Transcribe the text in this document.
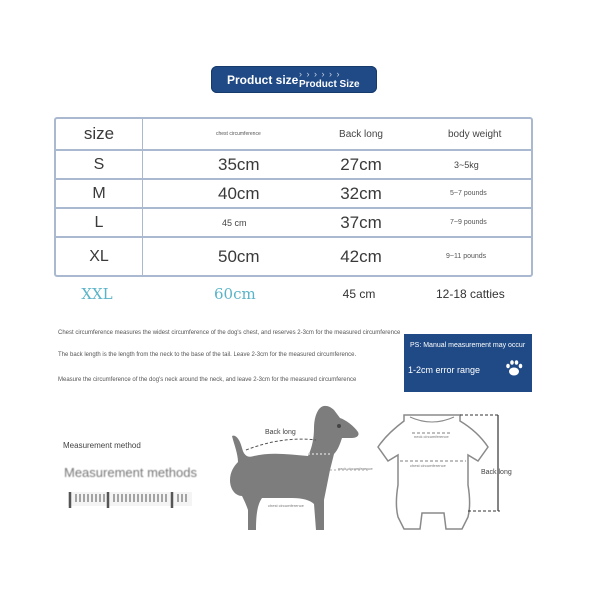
Product size › › › › › ›
Product Size
size	chest circumference	Back long	body weight
S	35cm	27cm	3~5kg
M	40cm	32cm	5~7 pounds
L	45 cm	37cm	7~9 pounds
XL	50cm	42cm	9~11 pounds
XXL	60cm	45 cm	12-18 catties
Chest circumference measures the widest circumference of the dog's chest, and reserves 2-3cm for the measured circumference
The back length is the length from the neck to the base of the tail. Leave 2-3cm for the measured circumference.
Measure the circumference of the dog's neck around the neck, and leave 2-3cm for the measured circumference
PS: Manual measurement may occur
1-2cm error range
Measurement method
Measurement methods
Back long
neck circumference
chest circumference
neck circumference
chest circumference
Back long
